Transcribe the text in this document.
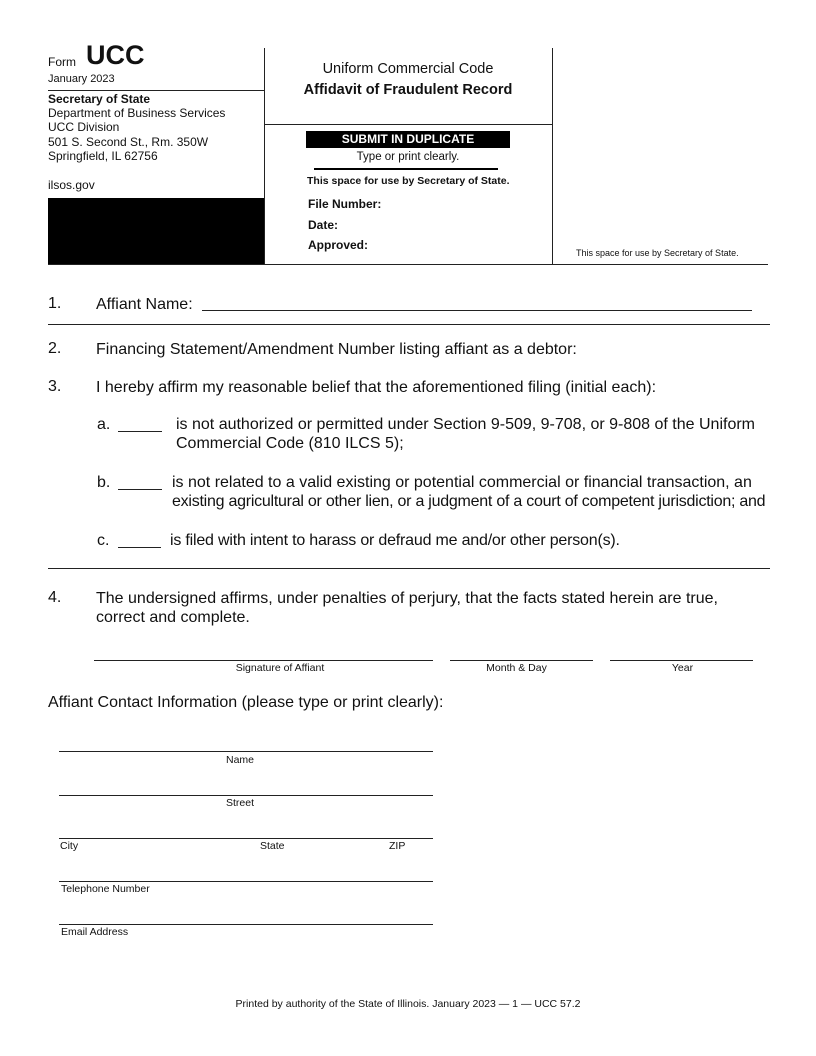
Form UCC
January 2023
Secretary of State
Department of Business Services
UCC Division
501 S. Second St., Rm. 350W
Springfield, IL 62756
ilsos.gov
Uniform Commercial Code
Affidavit of Fraudulent Record
SUBMIT IN DUPLICATE
Type or print clearly.
This space for use by Secretary of State.
File Number:
Date:
Approved:
This space for use by Secretary of State.
1. Affiant Name:
2. Financing Statement/Amendment Number listing affiant as a debtor:
3. I hereby affirm my reasonable belief that the aforementioned filing (initial each):
a.	is not authorized or permitted under Section 9-509, 9-708, or 9-808 of the Uniform
Commercial Code (810 ILCS 5);
b.	is not related to a valid existing or potential commercial or financial transaction, an
existing agricultural or other lien, or a judgment of a court of competent jurisdiction; and
c.	is filed with intent to harass or defraud me and/or other person(s).
4. The undersigned affirms, under penalties of perjury, that the facts stated herein are true,
correct and complete.
Signature of Affiant	Month & Day	Year
Affiant Contact Information (please type or print clearly):
Name
Street
City	State	ZIP
Telephone Number
Email Address
Printed by authority of the State of Illinois. January 2023 — 1 — UCC 57.2
